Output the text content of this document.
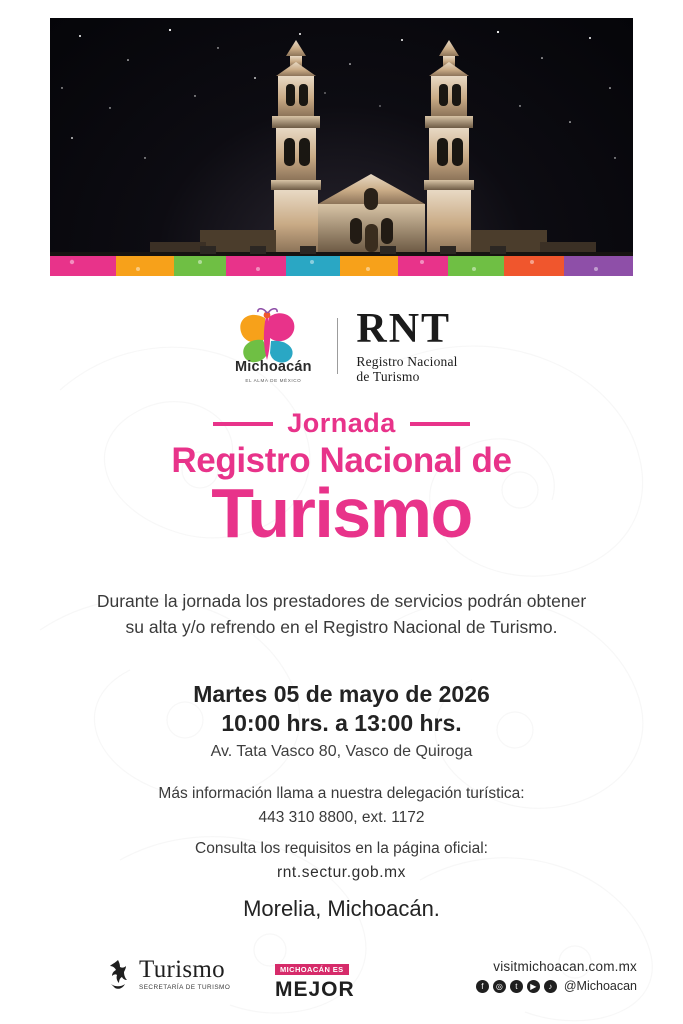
Michoacán
EL ALMA DE MÉXICO
RNT
Registro Nacional
de Turismo
Jornada
Registro Nacional de
Turismo
Durante la jornada los prestadores de servicios podrán obtener su alta y/o refrendo en el Registro Nacional de Turismo.
Martes 05 de mayo de 2026
10:00 hrs. a 13:00 hrs.
Av. Tata Vasco 80, Vasco de Quiroga
Más información llama a nuestra delegación turística:
443 310 8800, ext. 1172
Consulta los requisitos en la página oficial:
rnt.sectur.gob.mx
Morelia, Michoacán.
Turismo
SECRETARÍA DE TURISMO
MICHOACÁN ES
MEJOR
visitmichoacan.com.mx
f	◎	t	▶	♪ @Michoacan
